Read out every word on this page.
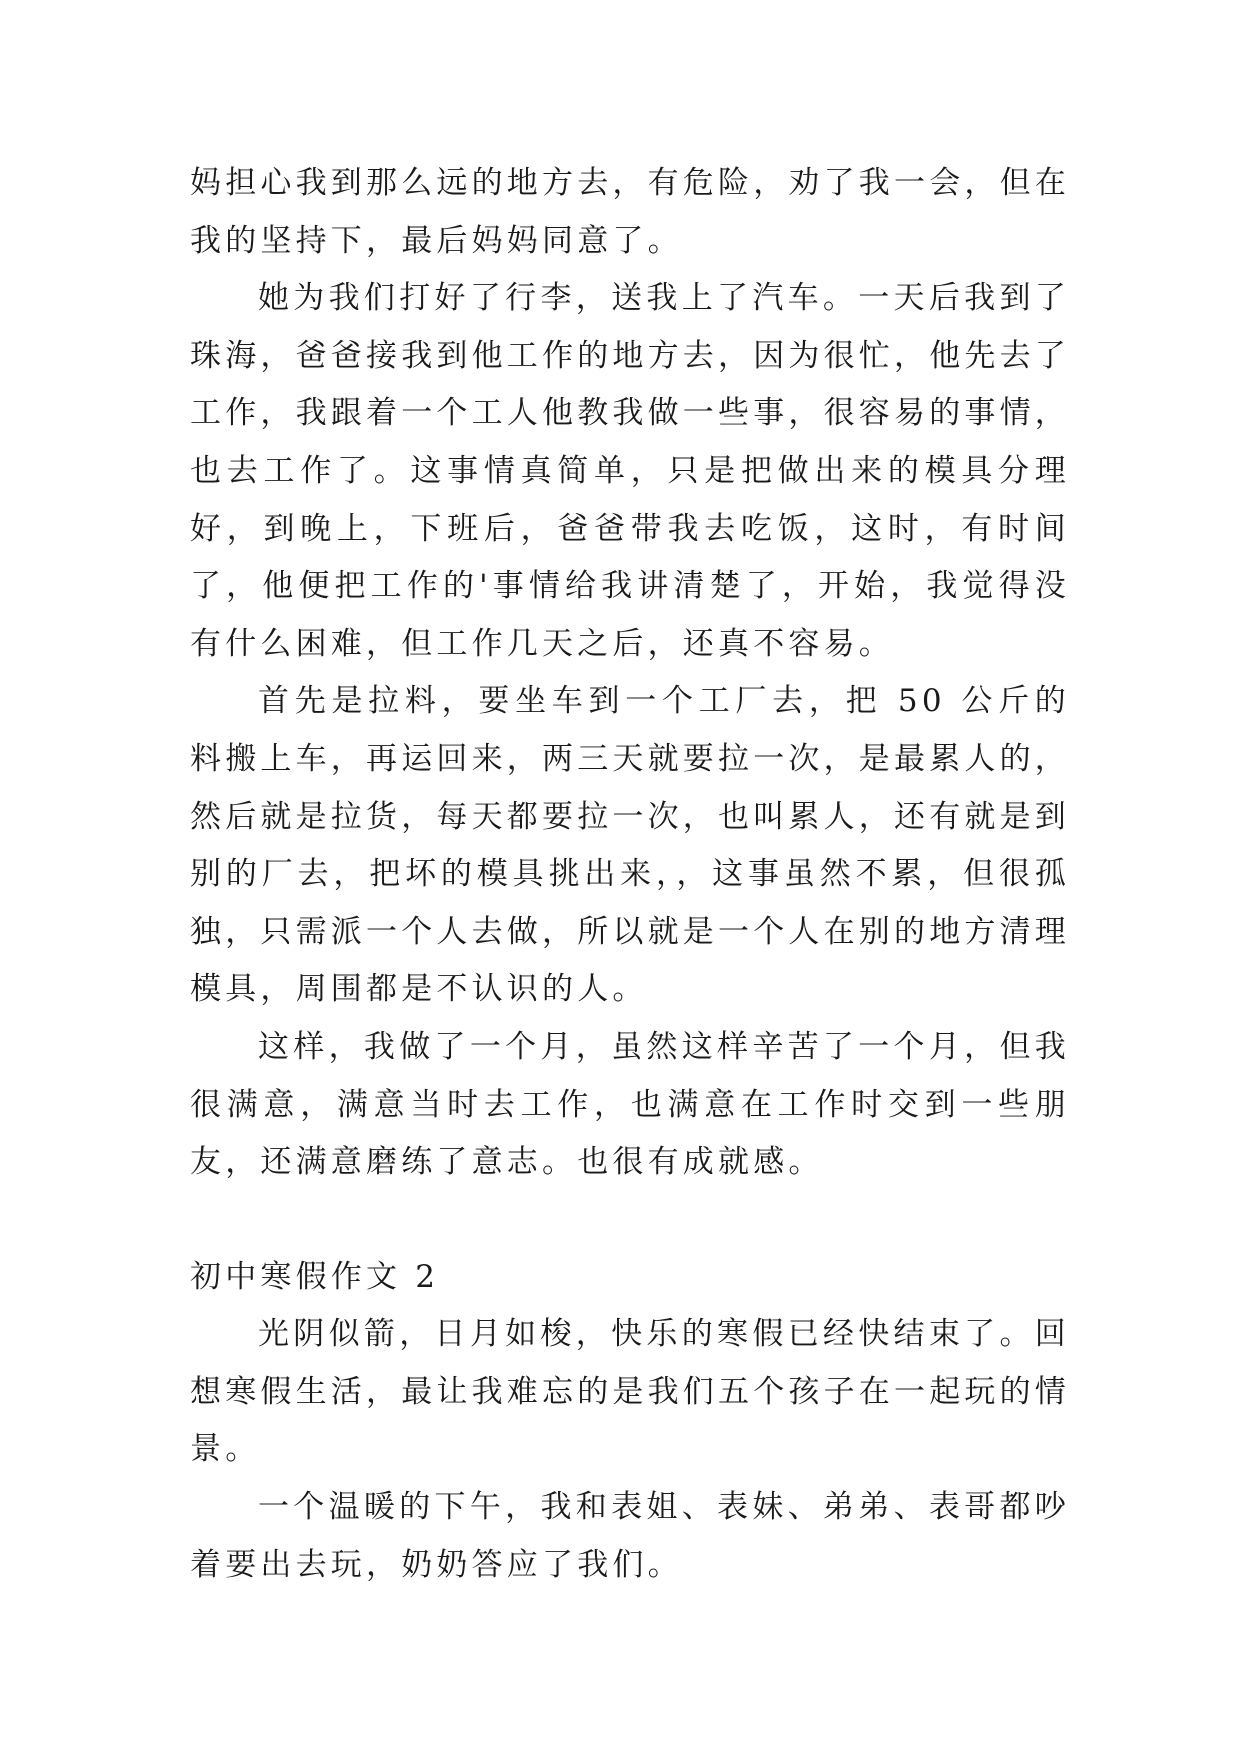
妈担心我到那么远的地方去，有危险，劝了我一会，但在我的坚持下，最后妈妈同意了。

她为我们打好了行李，送我上了汽车。一天后我到了珠海，爸爸接我到他工作的地方去，因为很忙，他先去了工作，我跟着一个工人他教我做一些事，很容易的事情，也去工作了。这事情真简单，只是把做出来的模具分理好，到晚上，下班后，爸爸带我去吃饭，这时，有时间了，他便把工作的'事情给我讲清楚了，开始，我觉得没有什么困难，但工作几天之后，还真不容易。

首先是拉料，要坐车到一个工厂去，把 50 公斤的料搬上车，再运回来，两三天就要拉一次，是最累人的，然后就是拉货，每天都要拉一次，也叫累人，还有就是到别的厂去，把坏的模具挑出来，，这事虽然不累，但很孤独，只需派一个人去做，所以就是一个人在别的地方清理模具，周围都是不认识的人。

这样，我做了一个月，虽然这样辛苦了一个月，但我很满意，满意当时去工作，也满意在工作时交到一些朋友，还满意磨练了意志。也很有成就感。

初中寒假作文 2

光阴似箭，日月如梭，快乐的寒假已经快结束了。回想寒假生活，最让我难忘的是我们五个孩子在一起玩的情景。

一个温暖的下午，我和表姐、表妹、弟弟、表哥都吵着要出去玩，奶奶答应了我们。
